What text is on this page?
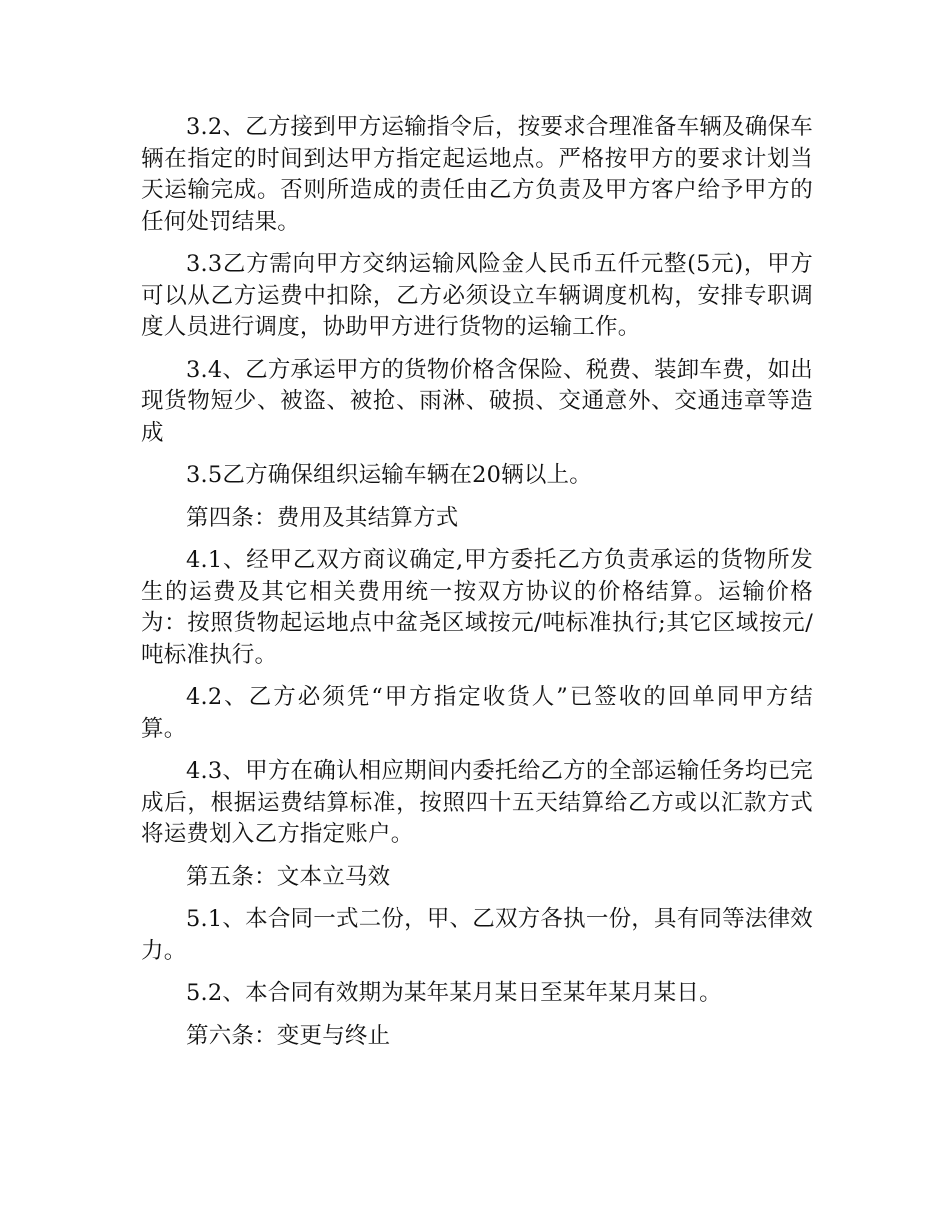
3.2、乙方接到甲方运输指令后，按要求合理准备车辆及确保车辆在指定的时间到达甲方指定起运地点。严格按甲方的要求计划当天运输完成。否则所造成的责任由乙方负责及甲方客户给予甲方的任何处罚结果。

3.3乙方需向甲方交纳运输风险金人民币五仟元整(5元)，甲方可以从乙方运费中扣除，乙方必须设立车辆调度机构，安排专职调度人员进行调度，协助甲方进行货物的运输工作。

3.4、乙方承运甲方的货物价格含保险、税费、装卸车费，如出现货物短少、被盗、被抢、雨淋、破损、交通意外、交通违章等造成

3.5乙方确保组织运输车辆在20辆以上。

第四条：费用及其结算方式

4.1、经甲乙双方商议确定,甲方委托乙方负责承运的货物所发生的运费及其它相关费用统一按双方协议的价格结算。运输价格为：按照货物起运地点中盆尧区域按元/吨标准执行;其它区域按元/吨标准执行。

4.2、乙方必须凭“甲方指定收货人”已签收的回单同甲方结算。

4.3、甲方在确认相应期间内委托给乙方的全部运输任务均已完成后，根据运费结算标准，按照四十五天结算给乙方或以汇款方式将运费划入乙方指定账户。

第五条：文本立马效

5.1、本合同一式二份，甲、乙双方各执一份，具有同等法律效力。

5.2、本合同有效期为某年某月某日至某年某月某日。

第六条：变更与终止
